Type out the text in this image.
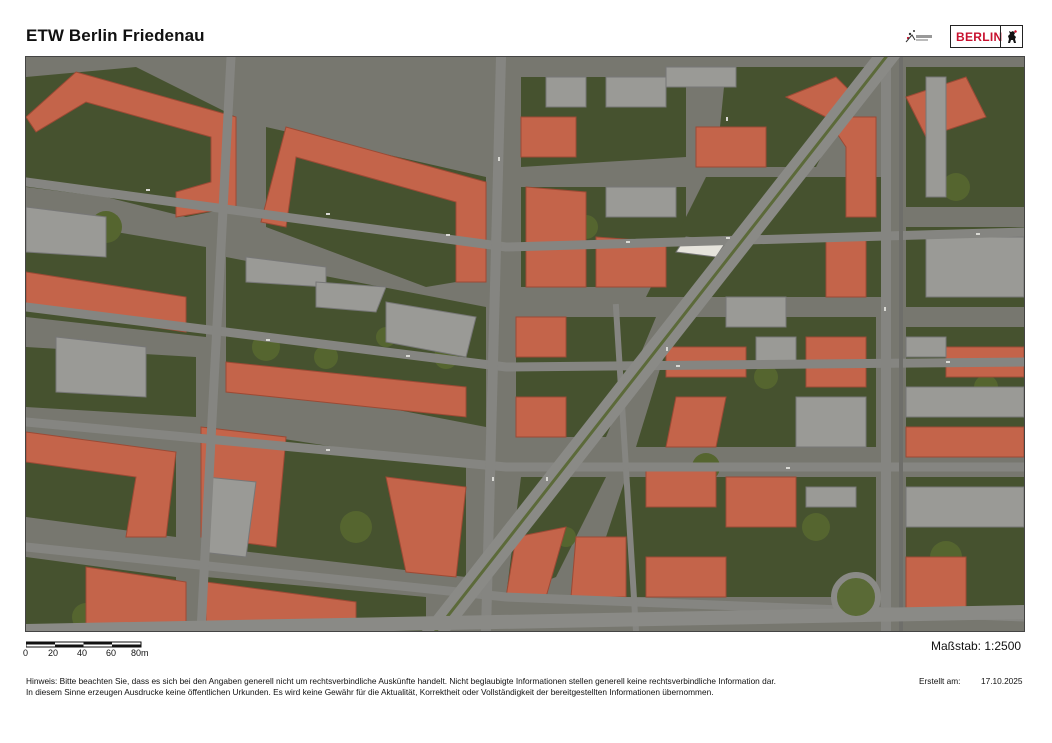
ETW Berlin Friedenau	BERLIN
0 20 40 60 80m	Maßstab: 1:2500
Hinweis: Bitte beachten Sie, dass es sich bei den Angaben generell nicht um rechtsverbindliche Auskünfte handelt. Nicht beglaubigte Informationen stellen generell keine rechtsverbindliche Information dar.
In diesem Sinne erzeugen Ausdrucke keine öffentlichen Urkunden. Es wird keine Gewähr für die Aktualität, Korrektheit oder Vollständigkeit der bereitgestellten Informationen übernommen.
Erstellt am: 17.10.2025
